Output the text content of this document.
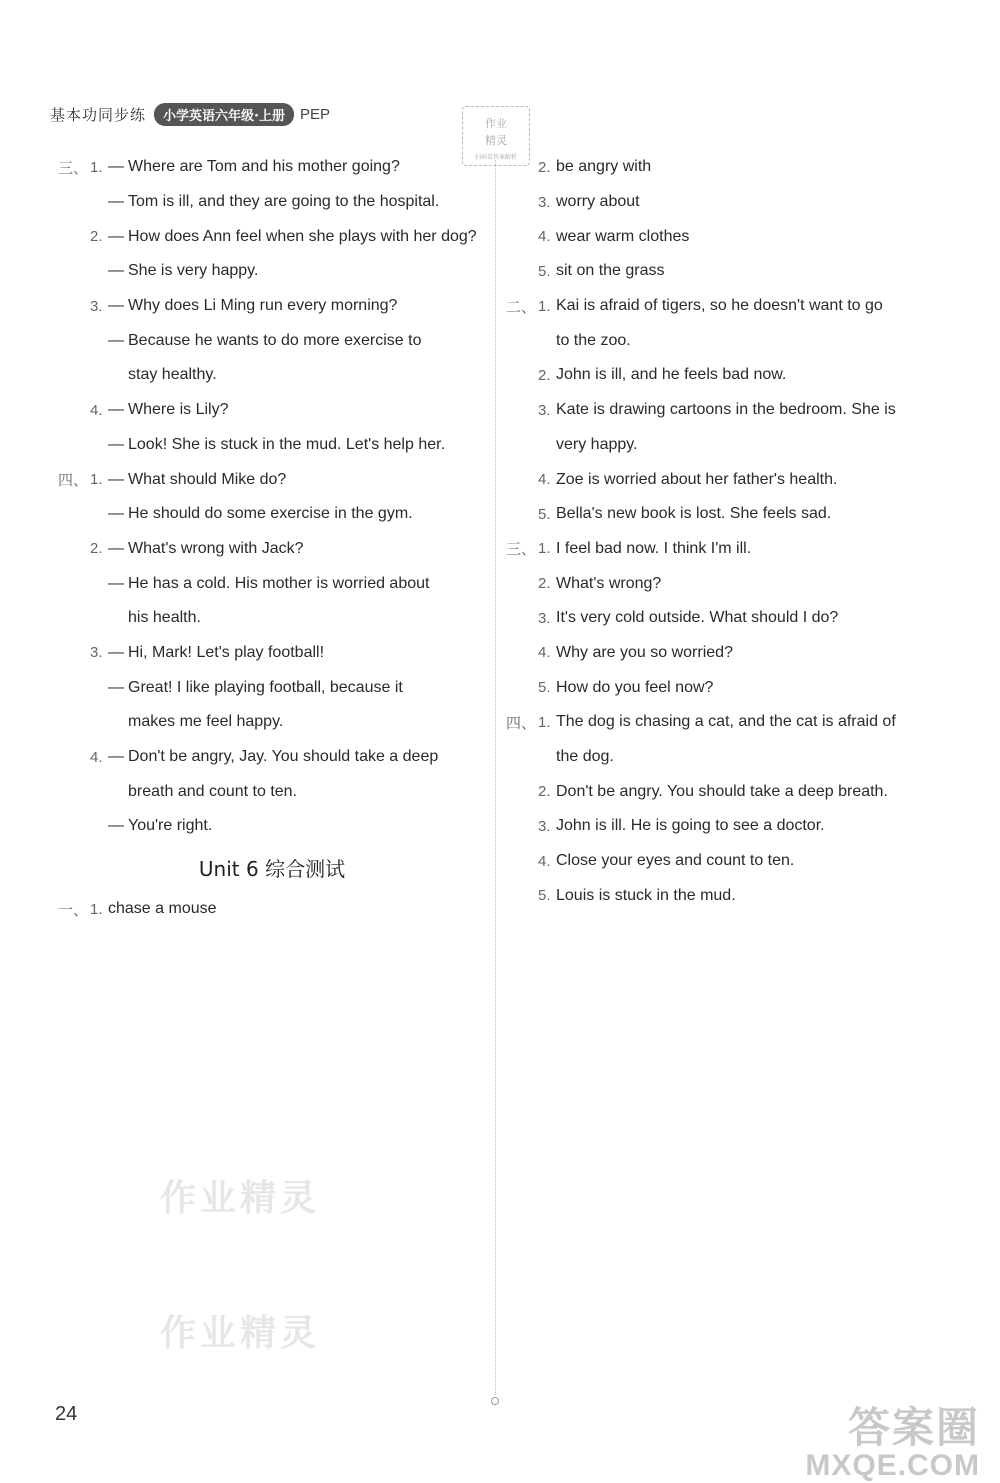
基本功同步练	小学英语六年级·上册	PEP
作业
精灵
扫码看答案解析
三、 1. — Where are Tom and his mother going?
— Tom is ill, and they are going to the hospital.
2. — How does Ann feel when she plays with her dog?
— She is very happy.
3. — Why does Li Ming run every morning?
— Because he wants to do more exercise to
stay healthy.
4. — Where is Lily?
— Look! She is stuck in the mud. Let's help her.
四、 1. — What should Mike do?
— He should do some exercise in the gym.
2. — What's wrong with Jack?
— He has a cold. His mother is worried about
his health.
3. — Hi, Mark! Let's play football!
— Great! I like playing football, because it
makes me feel happy.
4. — Don't be angry, Jay. You should take a deep
breath and count to ten.
— You're right.
Unit 6 综合测试
一、 1. chase a mouse
2. be angry with
3. worry about
4. wear warm clothes
5. sit on the grass
二、 1. Kai is afraid of tigers, so he doesn't want to go
to the zoo.
2. John is ill, and he feels bad now.
3. Kate is drawing cartoons in the bedroom. She is
very happy.
4. Zoe is worried about her father's health.
5. Bella's new book is lost. She feels sad.
三、 1. I feel bad now. I think I'm ill.
2. What's wrong?
3. It's very cold outside. What should I do?
4. Why are you so worried?
5. How do you feel now?
四、 1. The dog is chasing a cat, and the cat is afraid of
the dog.
2. Don't be angry. You should take a deep breath.
3. John is ill. He is going to see a doctor.
4. Close your eyes and count to ten.
5. Louis is stuck in the mud.
作业精灵
作业精灵
24	答案圈
MXQE.COM
